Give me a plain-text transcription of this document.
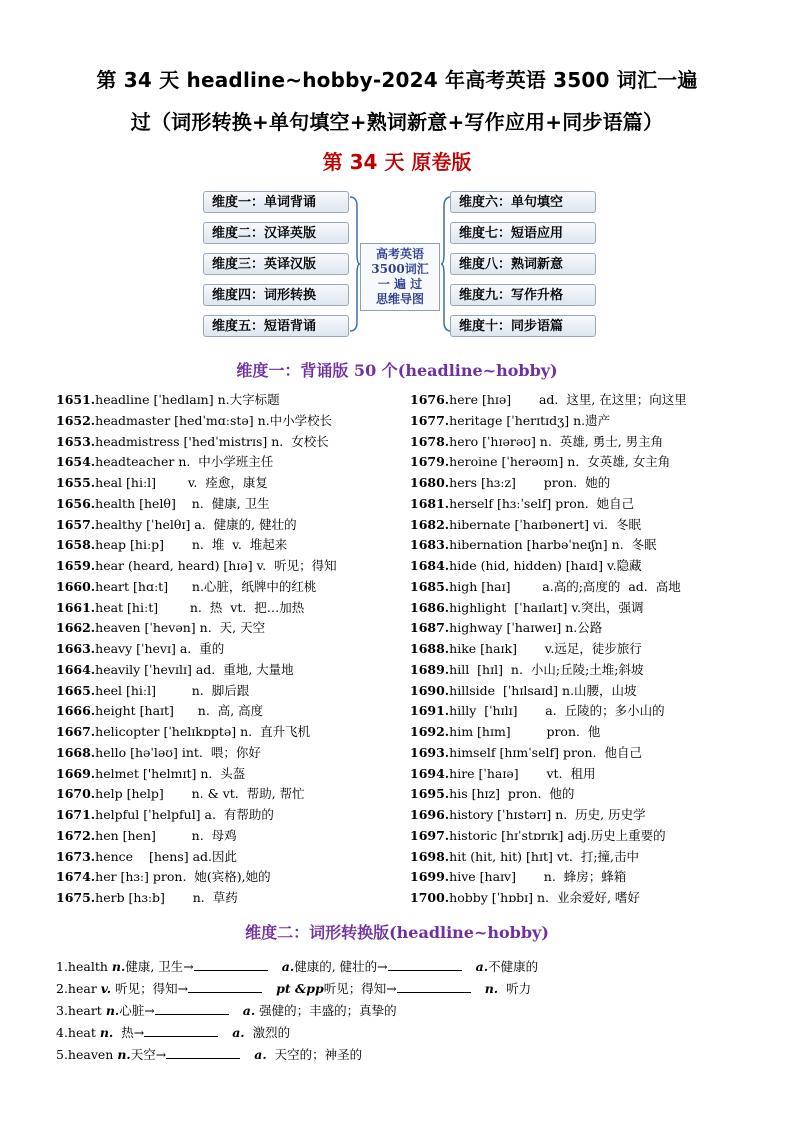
第 34 天 headline~hobby-2024 年高考英语 3500 词汇一遍
过（词形转换+单句填空+熟词新意+写作应用+同步语篇）
第 34 天 原卷版
维度一：单词背诵
维度二：汉译英版
维度三：英译汉版
维度四：词形转换
维度五：短语背诵
高考英语
3500词汇
一 遍 过
思维导图
维度六：单句填空
维度七：短语应用
维度八：熟词新意
维度九：写作升格
维度十：同步语篇
维度一：背诵版 50 个(headline~hobby)
1651.headline [ˈhedlaɪn] n.大字标题
1652.headmaster [hedˈmɑːstə] n.中小学校长
1653.headmistress ['hedˈmistrɪs] n.  女校长
1654.headteacher n.  中小学班主任
1655.heal [hiːl]        v.  痊愈，康复
1656.health [helθ]    n.  健康, 卫生
1657.healthy [ˈhelθɪ] a.  健康的, 健壮的
1658.heap [hiːp]       n.  堆  v.  堆起来
1659.hear (heard, heard) [hɪə] v.  听见；得知
1660.heart [hɑːt]      n.心脏，纸牌中的红桃
1661.heat [hiːt]        n.  热  vt.  把…加热
1662.heaven [ˈhevən] n.  天, 天空
1663.heavy [ˈhevɪ] a.  重的
1664.heavily [ˈhevɪlɪ] ad.  重地, 大量地
1665.heel [hiːl]         n.  脚后跟
1666.height [haɪt]      n.  高, 高度
1667.helicopter [ˈhelɪkɒptə] n.  直升飞机
1668.hello [həˈləʊ] int.  喂；你好
1669.helmet ['helmɪt] n.  头盔
1670.help [help]       n. & vt.  帮助, 帮忙
1671.helpful [ˈhelpful] a.  有帮助的
1672.hen [hen]         n.  母鸡
1673.hence    [hens] ad.因此
1674.her [hɜː] pron.  她(宾格),她的
1675.herb [hɜːb]       n.  草药
1676.here [hɪə]       ad.  这里, 在这里；向这里
1677.heritage [ˈherɪtɪdʒ] n.遗产
1678.hero [ˈhɪərəʊ] n.  英雄, 勇士, 男主角
1679.heroine [ˈherəʊɪn] n.  女英雄, 女主角
1680.hers [hɜːz]       pron.  她的
1681.herself [hɜːˈself] pron.  她自己
1682.hibernate [ˈhaɪbənert] vi.  冬眠
1683.hibernation [harbəˈneɪʃn] n.  冬眠
1684.hide (hid, hidden) [haɪd] v.隐藏
1685.high [haɪ]        a.高的;高度的  ad.  高地
1686.highlight  [ˈhaɪlaɪt] v.突出，强调
1687.highway [ˈhaɪweɪ] n.公路
1688.hike [haɪk]       v.远足，徒步旅行
1689.hill  [hɪl]  n.  小山;丘陵;土堆;斜坡
1690.hillside  [ˈhɪlsaɪd] n.山腰，山坡
1691.hilly  [ˈhɪlɪ]       a.  丘陵的；多小山的
1692.him [hɪm]         pron.  他
1693.himself [hɪmˈself] pron.  他自己
1694.hire [ˈhaɪə]       vt.  租用
1695.his [hɪz]  pron.  他的
1696.history [ˈhɪstərɪ] n.  历史, 历史学
1697.historic [hɪˈstɒrɪk] adj.历史上重要的
1698.hit (hit, hit) [hɪt] vt.  打;撞,击中
1699.hive [haɪv]       n.  蜂房；蜂箱
1700.hobby [ˈhɒbɪ] n.  业余爱好, 嗜好
维度二：词形转换版(headline~hobby)
1.health n.健康, 卫生→	a.健康的, 健壮的→	a.不健康的
2.hear v. 听见；得知→	pt &pp听见；得知→	n.  听力
3.heart n.心脏→	a. 强健的；丰盛的；真挚的
4.heat n.  热→	a.  激烈的
5.heaven n.天空→	a.  天空的；神圣的
